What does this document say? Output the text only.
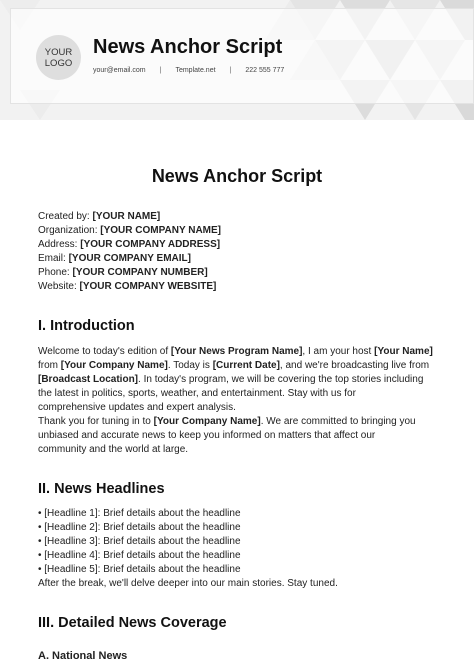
YOUR
LOGO
News Anchor Script
your@email.com | Template.net | 222 555 777
News Anchor Script
Created by: [YOUR NAME]
Organization: [YOUR COMPANY NAME]
Address: [YOUR COMPANY ADDRESS]
Email: [YOUR COMPANY EMAIL]
Phone: [YOUR COMPANY NUMBER]
Website: [YOUR COMPANY WEBSITE]
I. Introduction
Welcome to today's edition of [Your News Program Name], I am your host [Your Name]
from [Your Company Name]. Today is [Current Date], and we're broadcasting live from
[Broadcast Location]. In today's program, we will be covering the top stories including
the latest in politics, sports, weather, and entertainment. Stay with us for
comprehensive updates and expert analysis.
Thank you for tuning in to [Your Company Name]. We are committed to bringing you
unbiased and accurate news to keep you informed on matters that affect our
community and the world at large.
II. News Headlines
• [Headline 1]: Brief details about the headline
• [Headline 2]: Brief details about the headline
• [Headline 3]: Brief details about the headline
• [Headline 4]: Brief details about the headline
• [Headline 5]: Brief details about the headline
After the break, we'll delve deeper into our main stories. Stay tuned.
III. Detailed News Coverage
A. National News
